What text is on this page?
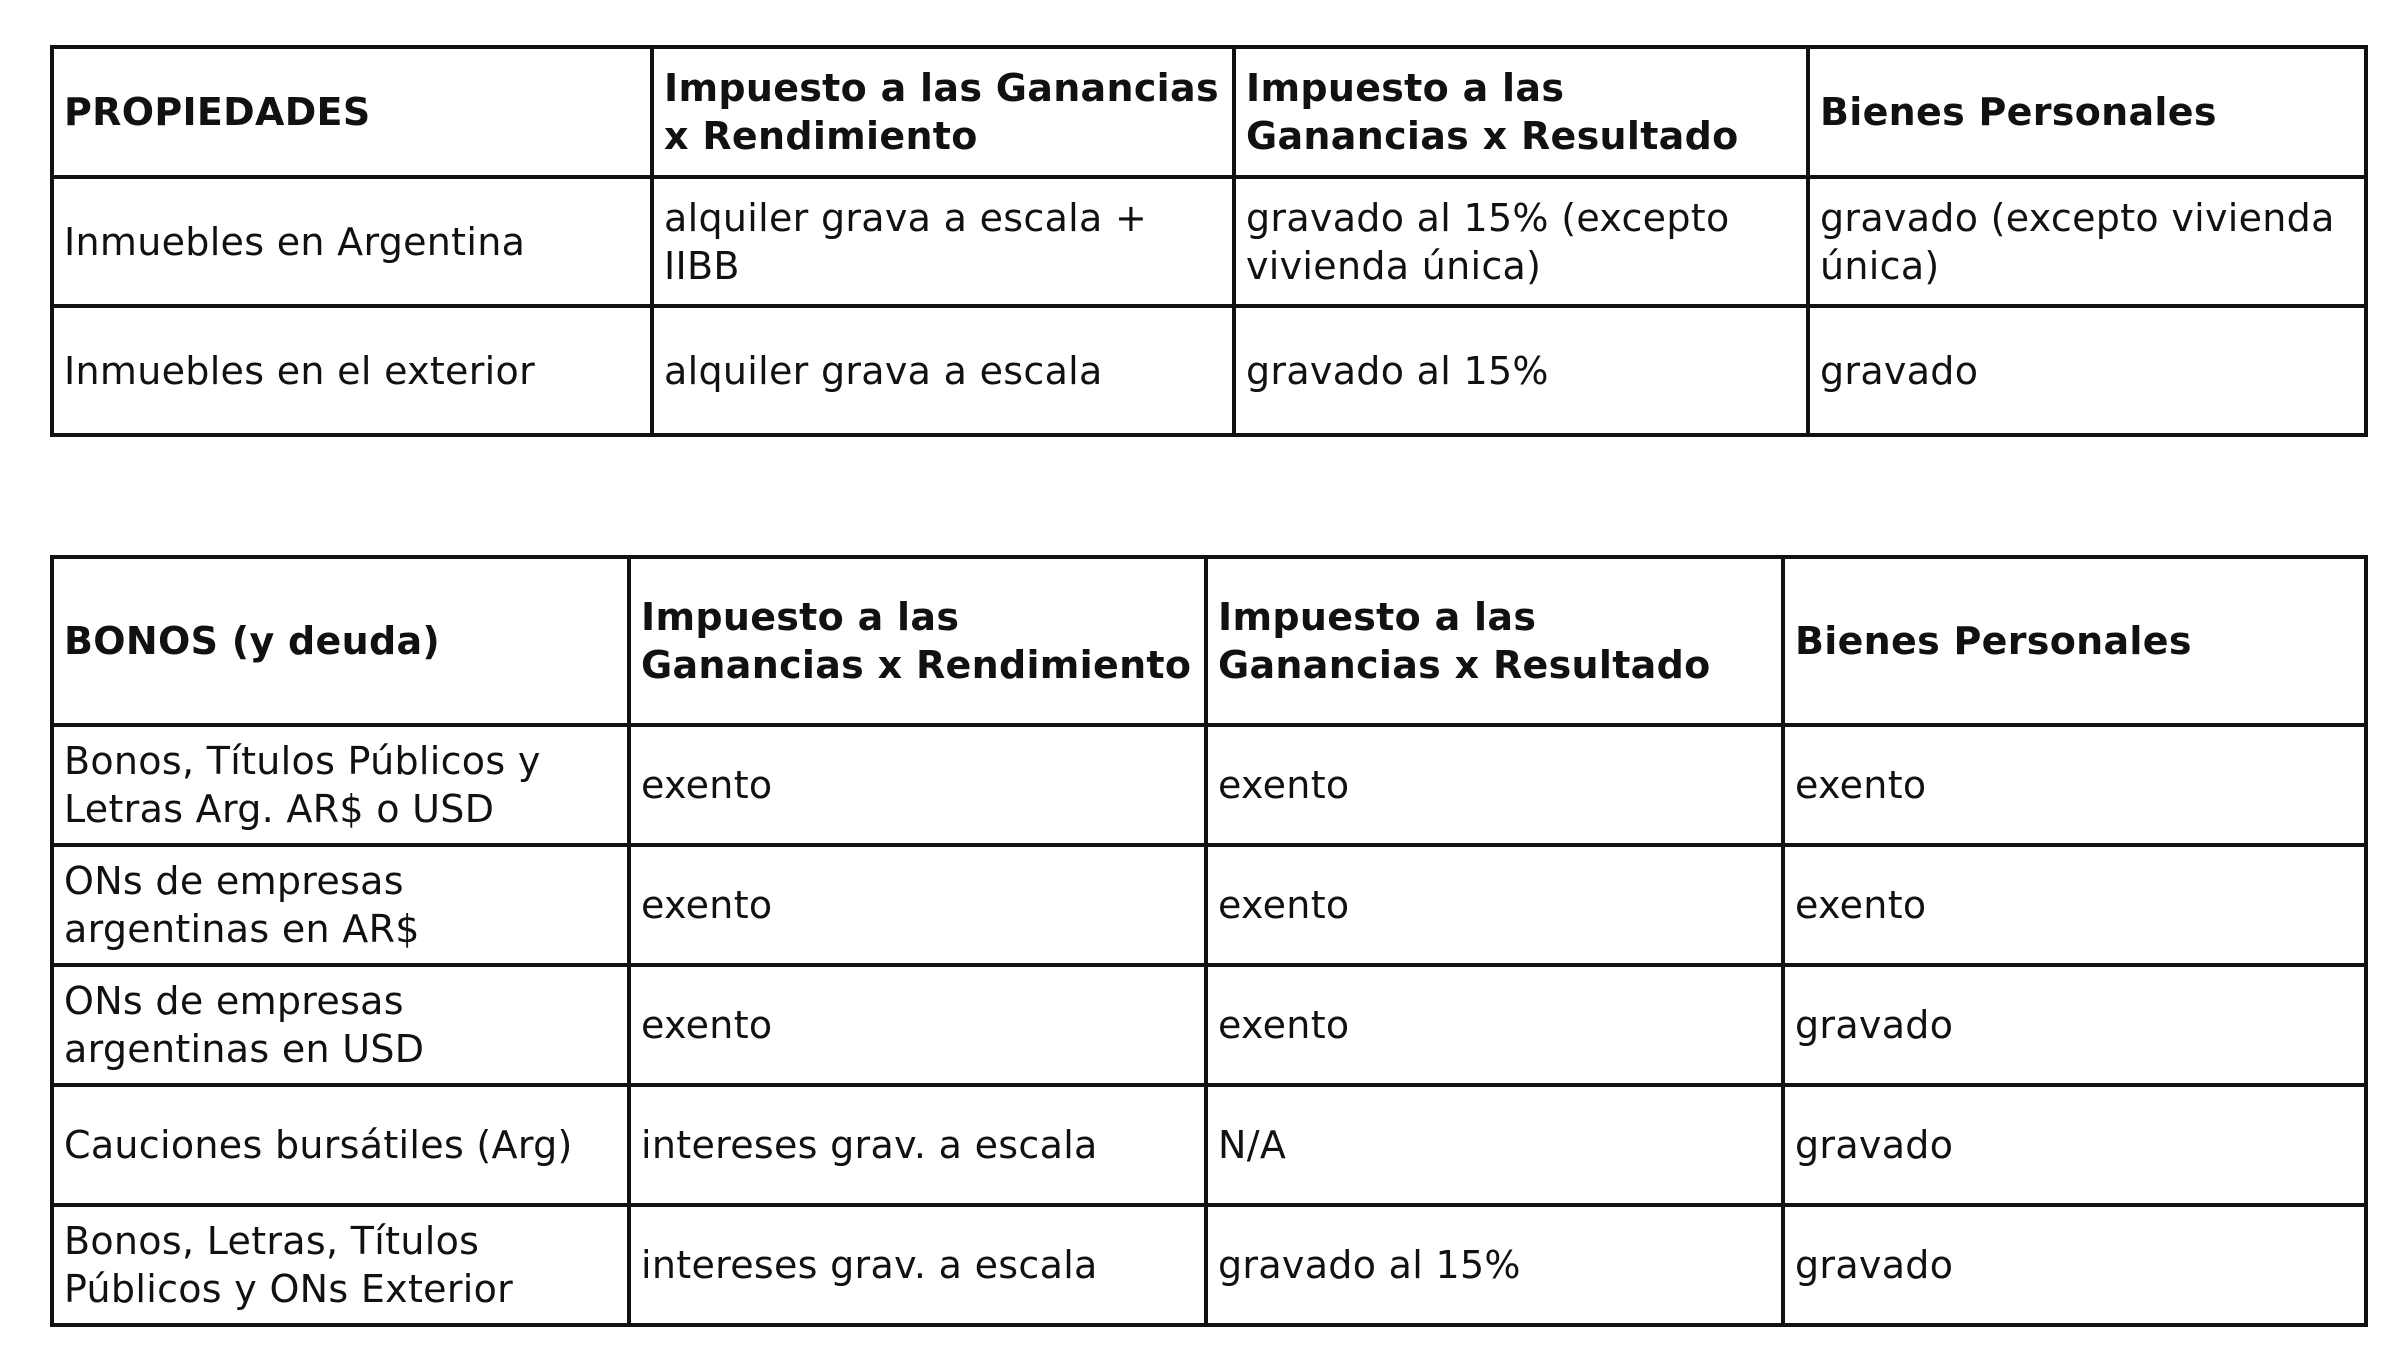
PROPIEDADES	Impuesto a las Ganancias x Rendimiento	Impuesto a las Ganancias x Resultado	Bienes Personales
Inmuebles en Argentina	alquiler grava a escala + IIBB	gravado al 15% (excepto vivienda única)	gravado (excepto vivienda única)
Inmuebles en el exterior	alquiler grava a escala	gravado al 15%	gravado
BONOS (y deuda)	Impuesto a las Ganancias x Rendimiento	Impuesto a las Ganancias x Resultado	Bienes Personales
Bonos, Títulos Públicos y Letras Arg. AR$ o USD	exento	exento	exento
ONs de empresas argentinas en AR$	exento	exento	exento
ONs de empresas argentinas en USD	exento	exento	gravado
Cauciones bursátiles (Arg)	intereses grav. a escala	N/A	gravado
Bonos, Letras, Títulos Públicos y ONs Exterior	intereses grav. a escala	gravado al 15%	gravado
